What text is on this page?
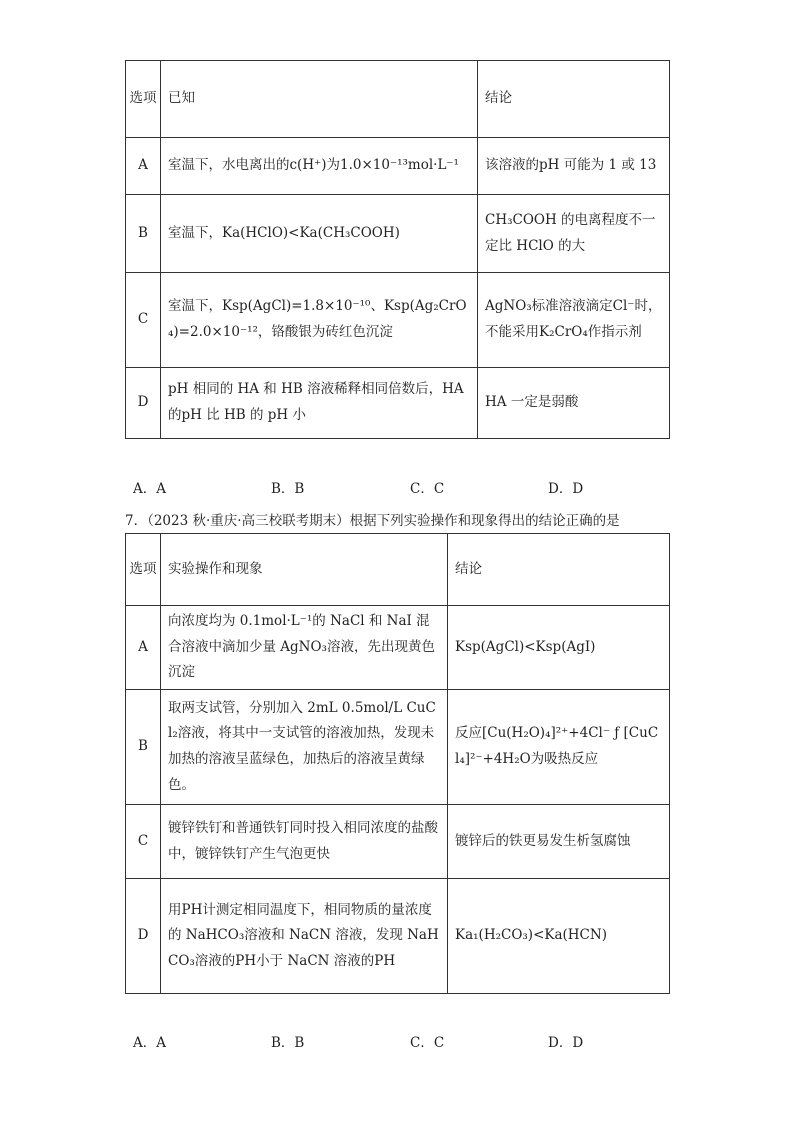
选项	已知	结论
A	室温下，水电离出的c(H⁺)为1.0×10⁻¹³mol·L⁻¹	该溶液的pH 可能为 1 或 13
B	室温下，Ka(HClO)<Ka(CH₃COOH)	CH₃COOH 的电离程度不一定比 HClO 的大
C	室温下，Ksp(AgCl)=1.8×10⁻¹⁰、Ksp(Ag₂CrO₄)=2.0×10⁻¹²，铬酸银为砖红色沉淀	AgNO₃标准溶液滴定Cl⁻时，不能采用K₂CrO₄作指示剂
D	pH 相同的 HA 和 HB 溶液稀释相同倍数后，HA 的pH 比 HB 的 pH 小	HA 一定是弱酸
A．A	B．B	C．C	D．D
7．（2023 秋·重庆·高三校联考期末）根据下列实验操作和现象得出的结论正确的是
选项	实验操作和现象	结论
A	向浓度均为 0.1mol·L⁻¹的 NaCl 和 NaI 混合溶液中滴加少量 AgNO₃溶液，先出现黄色沉淀	Ksp(AgCl)<Ksp(AgI)
B	取两支试管，分别加入 2mL 0.5mol/L CuCl₂溶液，将其中一支试管的溶液加热，发现未加热的溶液呈蓝绿色，加热后的溶液呈黄绿色。	反应[Cu(H₂O)₄]²⁺+4Cl⁻ ƒ [CuCl₄]²⁻+4H₂O为吸热反应
C	镀锌铁钉和普通铁钉同时投入相同浓度的盐酸中，镀锌铁钉产生气泡更快	镀锌后的铁更易发生析氢腐蚀
D	用PH计测定相同温度下，相同物质的量浓度的 NaHCO₃溶液和 NaCN 溶液，发现 NaHCO₃溶液的PH小于 NaCN 溶液的PH	Ka₁(H₂CO₃)<Ka(HCN)
A．A	B．B	C．C	D．D
